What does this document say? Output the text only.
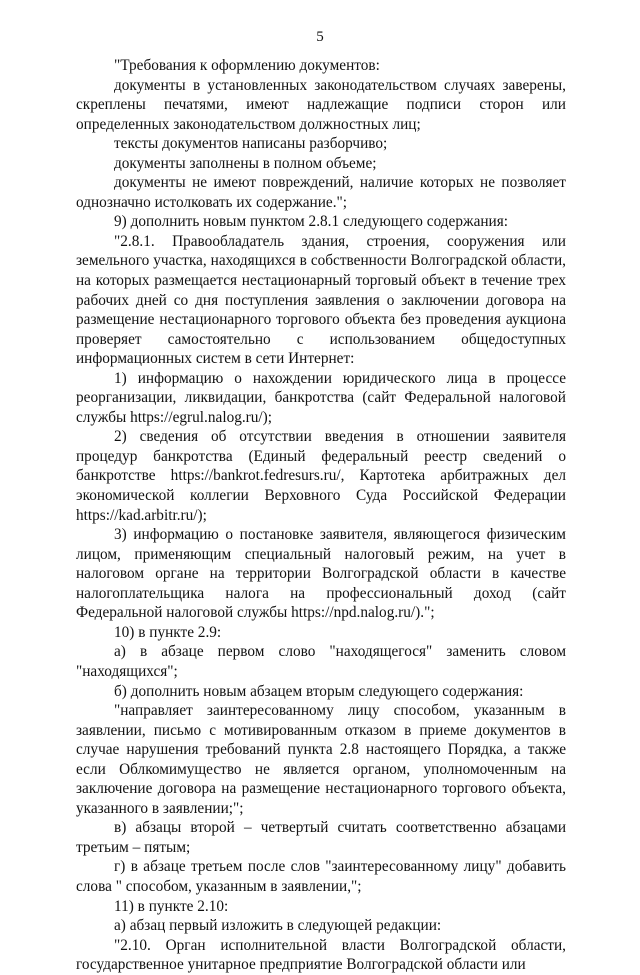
5

"Требования к оформлению документов:

документы в установленных законодательством случаях заверены, скреплены печатями, имеют надлежащие подписи сторон или определенных законодательством должностных лиц;

тексты документов написаны разборчиво;

документы заполнены в полном объеме;

документы не имеют повреждений, наличие которых не позволяет однозначно истолковать их содержание.";

9) дополнить новым пунктом 2.8.1 следующего содержания:

"2.8.1. Правообладатель здания, строения, сооружения или земельного участка, находящихся в собственности Волгоградской области, на которых размещается нестационарный торговый объект в течение трех рабочих дней со дня поступления заявления о заключении договора на размещение нестационарного торгового объекта без проведения аукциона проверяет самостоятельно с использованием общедоступных информационных систем в сети Интернет:

1) информацию о нахождении юридического лица в процессе реорганизации, ликвидации, банкротства (сайт Федеральной налоговой службы https://egrul.nalog.ru/);

2) сведения об отсутствии введения в отношении заявителя процедур банкротства (Единый федеральный реестр сведений о банкротстве https://bankrot.fedresurs.ru/, Картотека арбитражных дел экономической коллегии Верховного Суда Российской Федерации https://kad.arbitr.ru/);

3) информацию о постановке заявителя, являющегося физическим лицом, применяющим специальный налоговый режим, на учет в налоговом органе на территории Волгоградской области в качестве налогоплательщика налога на профессиональный доход (сайт Федеральной налоговой службы https://npd.nalog.ru/).";

10) в пункте 2.9:

а) в абзаце первом слово "находящегося" заменить словом "находящихся";

б) дополнить новым абзацем вторым следующего содержания:

"направляет заинтересованному лицу способом, указанным в заявлении, письмо с мотивированным отказом в приеме документов в случае нарушения требований пункта 2.8 настоящего Порядка, а также если Облкомимущество не является органом, уполномоченным на заключение договора на размещение нестационарного торгового объекта, указанного в заявлении;";

в) абзацы второй – четвертый считать соответственно абзацами третьим – пятым;

г) в абзаце третьем после слов "заинтересованному лицу" добавить слова " способом, указанным в заявлении,";

11) в пункте 2.10:

а) абзац первый изложить в следующей редакции:

"2.10. Орган исполнительной власти Волгоградской области, государственное унитарное предприятие Волгоградской области или
